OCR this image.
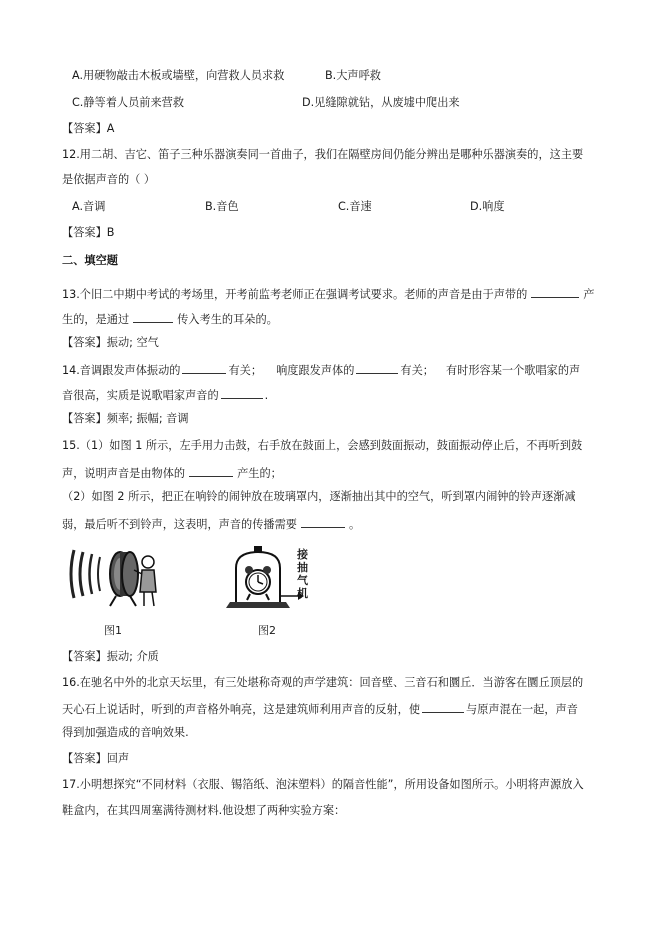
A.用硬物敲击木板或墙壁，向营救人员求救	B.大声呼救
C.静等着人员前来营救	D.见缝隙就钻，从废墟中爬出来
【答案】A
12.用二胡、吉它、笛子三种乐器演奏同一首曲子，我们在隔壁房间仍能分辨出是哪种乐器演奏的，这主要
是依据声音的（ ）
A.音调	B.音色	C.音速	D.响度
【答案】B
二、填空题
13.个旧二中期中考试的考场里，开考前监考老师正在强调考试要求。老师的声音是由于声带的	产
生的，是通过	传入考生的耳朵的。
【答案】振动; 空气
14.音调跟发声体振动的	有关； 响度跟发声体的	有关； 有时形容某一个歌唱家的声
音很高，实质是说歌唱家声音的	.
【答案】频率; 振幅; 音调
15.（1）如图 1 所示，左手用力击鼓，右手放在鼓面上，会感到鼓面振动，鼓面振动停止后，不再听到鼓
声，说明声音是由物体的	产生的；
（2）如图 2 所示，把正在响铃的闹钟放在玻璃罩内，逐渐抽出其中的空气，听到罩内闹钟的铃声逐渐减
弱，最后听不到铃声，这表明，声音的传播需要	。
图1
接
抽
气
机
图2
【答案】振动; 介质
16.在驰名中外的北京天坛里，有三处堪称奇观的声学建筑：回音壁、三音石和圜丘．当游客在圜丘顶层的
天心石上说话时，听到的声音格外响亮，这是建筑师利用声音的反射，使	与原声混在一起，声音
得到加强造成的音响效果.
【答案】回声
17.小明想探究“不同材料（衣服、锡箔纸、泡沫塑料）的隔音性能”，所用设备如图所示。小明将声源放入
鞋盒内，在其四周塞满待测材料.他设想了两种实验方案：
